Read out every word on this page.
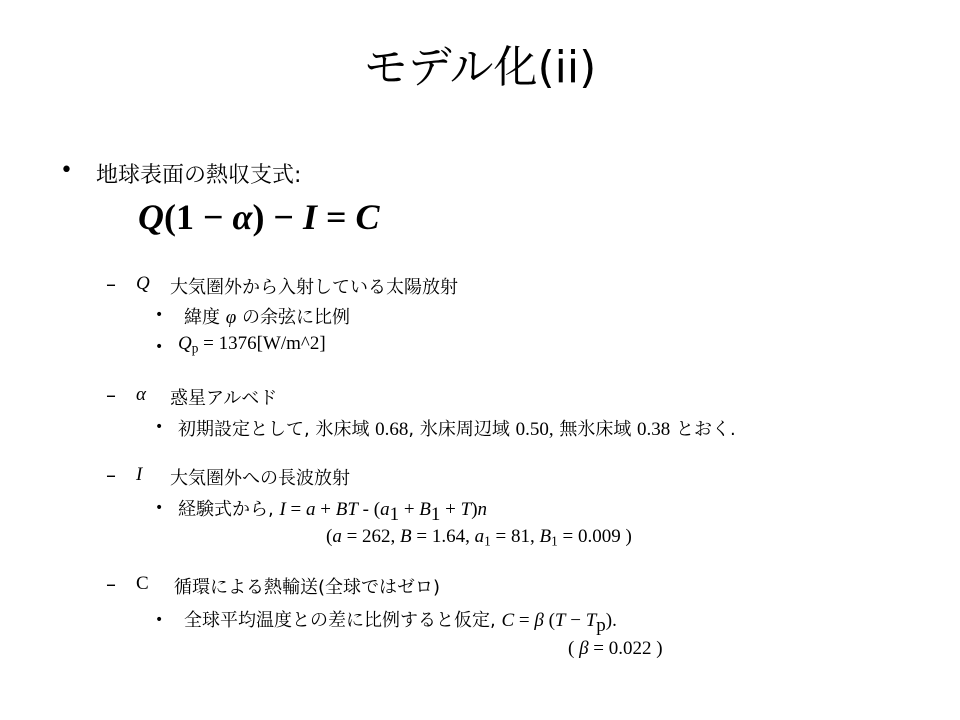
モデル化(ii)
• 地球表面の熱収支式:
Q(1 − α) − I = C
– Q 大気圏外から入射している太陽放射
• 緯度 φ の余弦に比例
• $Q_p$ = 1376[W/m^2]
– α 惑星アルベド
• 初期設定として, 氷床域 0.68, 氷床周辺域 0.50, 無氷床域 0.38 とおく.
– I 大気圏外への長波放射
• 経験式から, I = a + BT - $(a_1 + B_1 + T)n$
(a = 262, B = 1.64, $a_1 = 81$, $B_1 = 0.009$ )
– C 循環による熱輸送(全球ではゼロ)
• 全球平均温度との差に比例すると仮定, C = β $(T - T_p)$.
( β = 0.022 )
